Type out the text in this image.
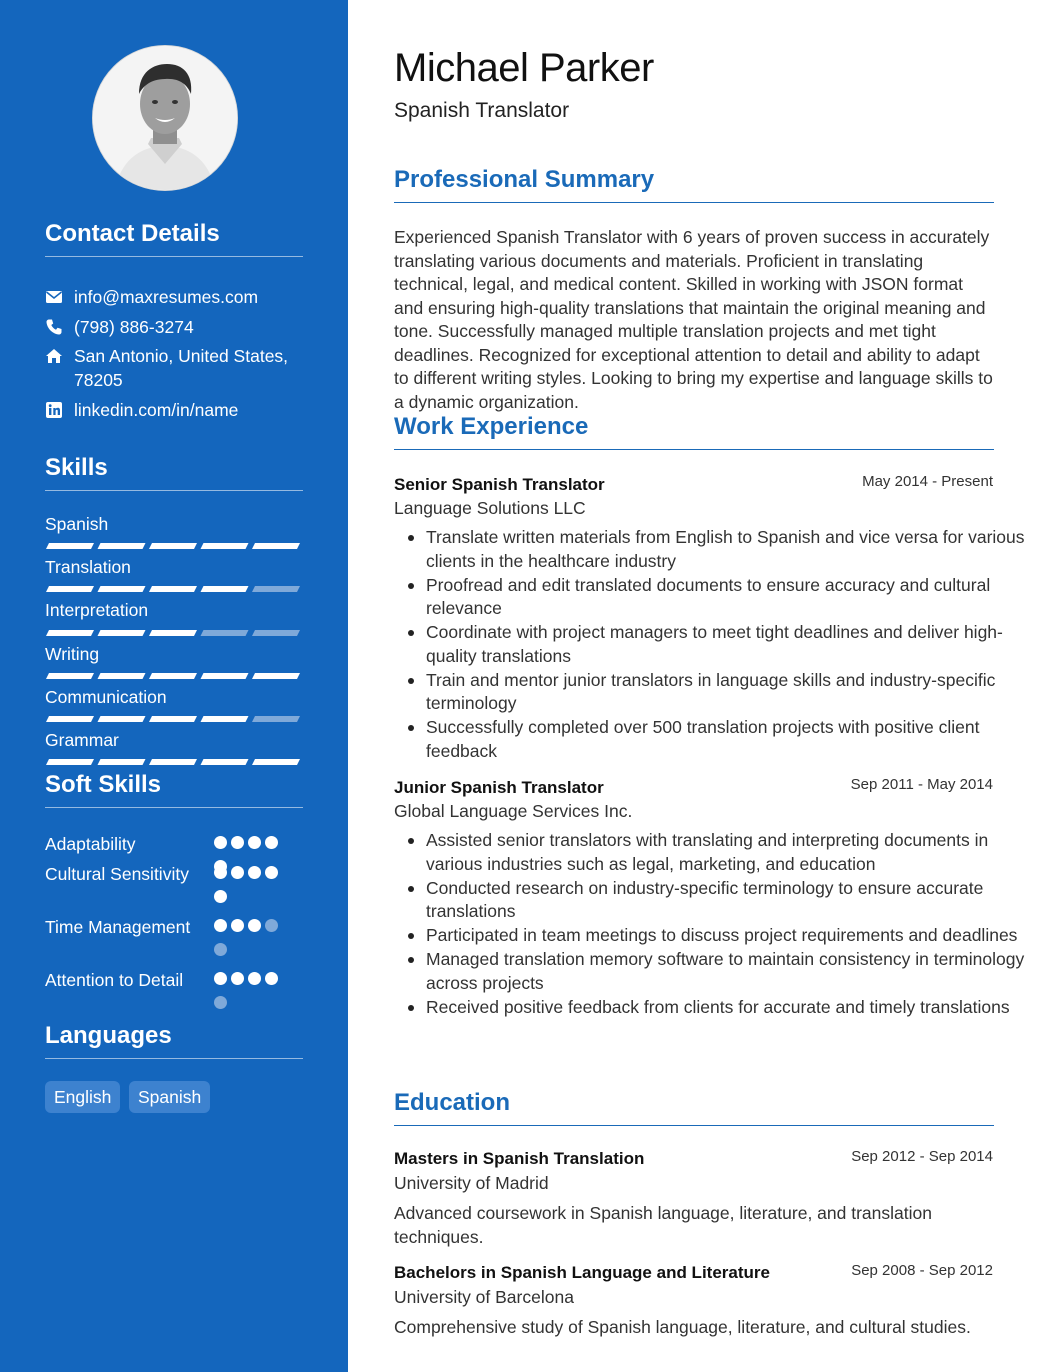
Contact Details
info@maxresumes.com
(798) 886-3274
San Antonio, United States, 78205
linkedin.com/in/name
Skills
Spanish
Translation
Interpretation
Writing
Communication
Grammar
Soft Skills
Adaptability
Cultural Sensitivity
Time Management
Attention to Detail
Languages
English	Spanish
Michael Parker
Spanish Translator
Professional Summary
Experienced Spanish Translator with 6 years of proven success in accurately translating various documents and materials. Proficient in translating technical, legal, and medical content. Skilled in working with JSON format and ensuring high-quality translations that maintain the original meaning and tone. Successfully managed multiple translation projects and met tight deadlines. Recognized for exceptional attention to detail and ability to adapt to different writing styles. Looking to bring my expertise and language skills to a dynamic organization.
Work Experience
Senior Spanish Translator	May 2014 - Present
Language Solutions LLC
Translate written materials from English to Spanish and vice versa for various clients in the healthcare industry
Proofread and edit translated documents to ensure accuracy and cultural relevance
Coordinate with project managers to meet tight deadlines and deliver high-quality translations
Train and mentor junior translators in language skills and industry-specific terminology
Successfully completed over 500 translation projects with positive client feedback
Junior Spanish Translator	Sep 2011 - May 2014
Global Language Services Inc.
Assisted senior translators with translating and interpreting documents in various industries such as legal, marketing, and education
Conducted research on industry-specific terminology to ensure accurate translations
Participated in team meetings to discuss project requirements and deadlines
Managed translation memory software to maintain consistency in terminology across projects
Received positive feedback from clients for accurate and timely translations
Education
Masters in Spanish Translation	Sep 2012 - Sep 2014
University of Madrid
Advanced coursework in Spanish language, literature, and translation techniques.
Bachelors in Spanish Language and Literature	Sep 2008 - Sep 2012
University of Barcelona
Comprehensive study of Spanish language, literature, and cultural studies.
